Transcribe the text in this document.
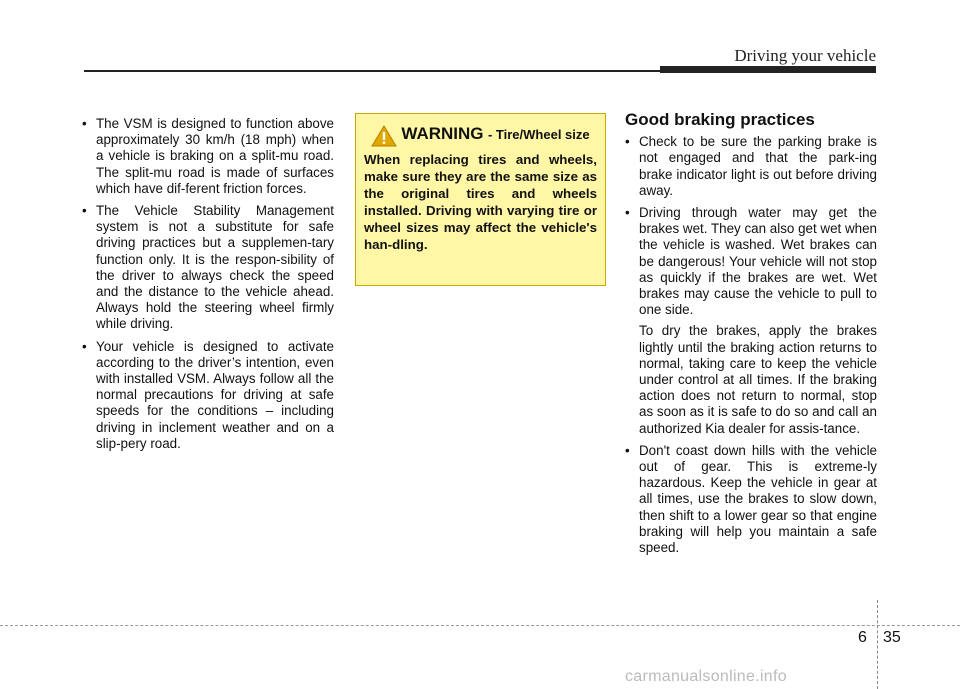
Driving your vehicle
• The VSM is designed to function above approximately 30 km/h (18 mph) when a vehicle is braking on a split-mu road. The split-mu road is made of surfaces which have dif-ferent friction forces.
• The Vehicle Stability Management system is not a substitute for safe driving practices but a supplemen-tary function only. It is the respon-sibility of the driver to always check the speed and the distance to the vehicle ahead. Always hold the steering wheel firmly while driving.
• Your vehicle is designed to activate according to the driver’s intention, even with installed VSM. Always follow all the normal precautions for driving at safe speeds for the conditions – including driving in inclement weather and on a slip-pery road.
WARNING - Tire/Wheel size
When replacing tires and wheels, make sure they are the same size as the original tires and wheels installed. Driving with varying tire or wheel sizes may affect the vehicle's han-dling.
Good braking practices
• Check to be sure the parking brake is not engaged and that the park-ing brake indicator light is out before driving away.
• Driving through water may get the brakes wet. They can also get wet when the vehicle is washed. Wet brakes can be dangerous! Your vehicle will not stop as quickly if the brakes are wet. Wet brakes may cause the vehicle to pull to one side.

To dry the brakes, apply the brakes lightly until the braking action returns to normal, taking care to keep the vehicle under control at all times. If the braking action does not return to normal, stop as soon as it is safe to do so and call an authorized Kia dealer for assis-tance.

• Don't coast down hills with the vehicle out of gear. This is extreme-ly hazardous. Keep the vehicle in gear at all times, use the brakes to slow down, then shift to a lower gear so that engine braking will help you maintain a safe speed.
6 35
carmanualsonline.info
